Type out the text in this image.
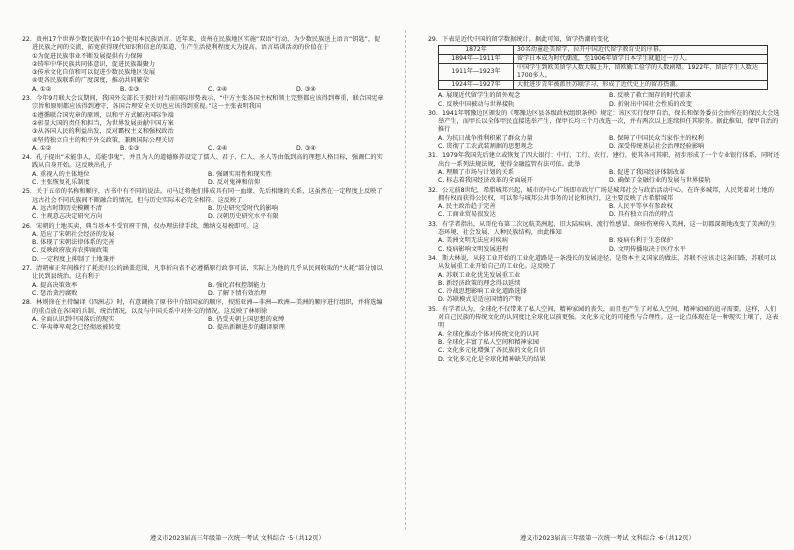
22．贵州17个世界少数民族中有10个使用本民族语言。近年来，贵州在民族地区实施“双语”行动，为少数民族送上语言“钥匙”，促进民族之间的交流，拓宽获得现代知识和信息的渠道，生产生活使利程度大为提高。语言培训活动的价值在于
①为促进民族事业不断发展提供有力保障
②铸牢中华民族共同体意识，促进民族凝聚力
③传承文化自信和可以促进少数民族地区发展
④更各民族联系的广度深度，推动共同繁荣
A. ①②	B. ①③	C. ②④	D. ③④
23．今年9月联大会议期间，我国外交部长王毅针对当前国际形势表示，“中方主张各国主权和领土完整都应该得到尊重，联合国宪章宗旨和原则都应该得到遵守，各国合理安全关切也应该得到重视。”这一主张表明我国
①遵循联合国宪章的原则，以和平方式解决国际争端
②彰显大国的责任和担当，为世界发展贡献中国方案
③从各国人民的利益出发，反对霸权主义和强权政治
④坚持独立自主的和平外交政策，兼顾国际公理关切
A. ①②	B. ①③	C. ②④	D. ③④
24．孔子提出“未能事人，焉能事鬼”，并且为人的道德修养设定了儒人、君子、仁人、圣人等由低到高的理想人格目标，强调仁的实践从自身开始。这反映出孔子
A. 重视人的主体地位	B. 强调实用性和现实性
C. 主张恢复礼乐制度	D. 反对鬼神和信仰
25．关于五帝的名称和顺序，古书中有不同的说法。司马迁将他们排成具有同一血缘、先后相继的关系，这虽然在一定程度上反映了远古社会不同氏族间不断融合的情况，但与历史实际未必完全相符。这反映了
A. 远古时期历史模糊不清	B. 历史研究受时代的影响
C. 主观意志决定研究方向	D. 汉朝历史研究水平有限
26．宋朝的土地买卖，典当基本不受官府干预，仅办理法律手续，缴纳交易税即可。这
A. 适应了宋朝社会经济的发展
B. 体现了宋朝法律体系的完善
C. 反映政府放弃农抑商政策
D. 一定程度上抑制了土地兼并
27．清朝雍正年间推行了耗羡归公的涵盖范围，凡事折向省不必遵循原行政事可法，实际上为他的几乎从民间收取的“火耗”部分加以让民到县统治。这有利于
A. 提高决策效率	B. 强化君权控制能力
C. 惩治贪污腐败	D. 了解下情有效治理
28．林则徐在主持编译《四洲志》时，有意调换了原书中介绍国家的顺序，按照亚洲—非洲—欧洲—美洲的顺序进行组织，并将选编的重点放在各国的兵制、统治情况，以及与中国关系中对外交的情况。这反映了林则徐
A. 全面认识到中国落后的现实	B. 仍受天朝上国思想的束缚
C. 华夷尊卑观念已经彻底被转变	D. 提出新颖进步的翻译原理
29．下表是近代中国的留学数据统计。据此可知，留学热潮的变化
1872年	30名幼童赴美留学，拉开中国近代留学教育史的序幕。
1894年—1911年	留学日本成为时代潮流，至1906年留学日本学生就超过一万人。
1911年—1923年	中国学生到欧美留学人数大幅上升，留欧勤工俭学的人数剧增。1922年，留法学生人数达1700多人。
1924年—1927年	大批进步青年被派往苏联学习，形成了近代史上的留苏热潮。
A. 展现近代留学生的留外观念	B. 反映了救亡图存的时代需求
C. 反映中国被动与世界接轨	D. 折射出中国社会性质的改变
30．1941年鄂豫边区颁发的《鄂豫边区县各级政权组织条例》规定：该区实行保甲自治，保长和保务委员会由所在的保民大会选举产生，而甲长以全体甲民直接选举产生，保甲长均三个月改选一次，并有两次以上连续担任其职务。据此推知，保甲自治的推行
A. 为抗日战争胜利积累了群众力量	B. 保障了中国民众当家作主的权利
C. 贯彻了工农武装割据的思想观念	D. 深受传统基层社会治理经验影响
31．1979年我国先后建立或恢复了四大银行：中行、工行、农行、建行，使其各司其职，初步形成了一个专业银行体系，同时还出台一系列法规法规，使得金融监管有法可依。此举
A. 理顺了市场与计划的关系	B. 促进了我国经济体制改革
C. 标志着我国经济改革的全面展开	D. 确保了金融行业的发展与世界接轨
32．公元前8世纪，希腊城邦兴起，城市的中心广场即市政厅广场是城邦社会与政治活动中心。在许多城邦，人民凭着对土地的拥有权而获得公民权，可以参与城邦公共事务的讨论和执行，这主要反映了古希腊城邦
A. 民主政治趋于完善	B. 人民平等享有参政权
C. 工商业贸易很发达	D. 具有独立自治的特点
33．有学者指出，从哥伦布第二次远航美洲起，旧大陆疾病、流行性感冒、斑疹伤寒传入美洲，这一切都深刻地改变了美洲的生态环境、社会发展、人种民族结构，由此推知
A. 美洲文明无法应对疾病	B. 疫病有利于生态保护
C. 疫病影响文明发展进程	D. 文明传播取决于医疗水平
34．斯大林说，从轻工业开始的工业化道路是一条漫长的发展途径，是资本主义国家的做法，苏联不应该走这条旧路，苏联可以从发展重工业开始自己的工业化。这反映了
A. 苏联工业化优先发展重工业
B. 新经济政策的理念得以延续
C. 冷战思想影响工业化道路选择
D. 苏联模式是适应国情的产物
35．有学者认为，全球化不仅带来了私人空间，精神家园的丧失，而且也产生了对私人空间、精神家园的追寻需要。这样，人们对自己民族的传统文化的认同度比全球化以前更强。文化多元化的可能性与合理性。这一论点体现在是一种现实土壤了，这表明
A. 全球化推动个体对传统文化的认同
B. 全球化丰富了私人空间和精神家园
C. 文化多元化增强了各民族的文化自信
D. 文化多元化是全球化精神缺失的结果
遵义市2023届高三年级第一次统一考试 文科综合 ·5·（共12页）	遵义市2023届高三年级第一次统一考试 文科综合 ·6·（共12页）
